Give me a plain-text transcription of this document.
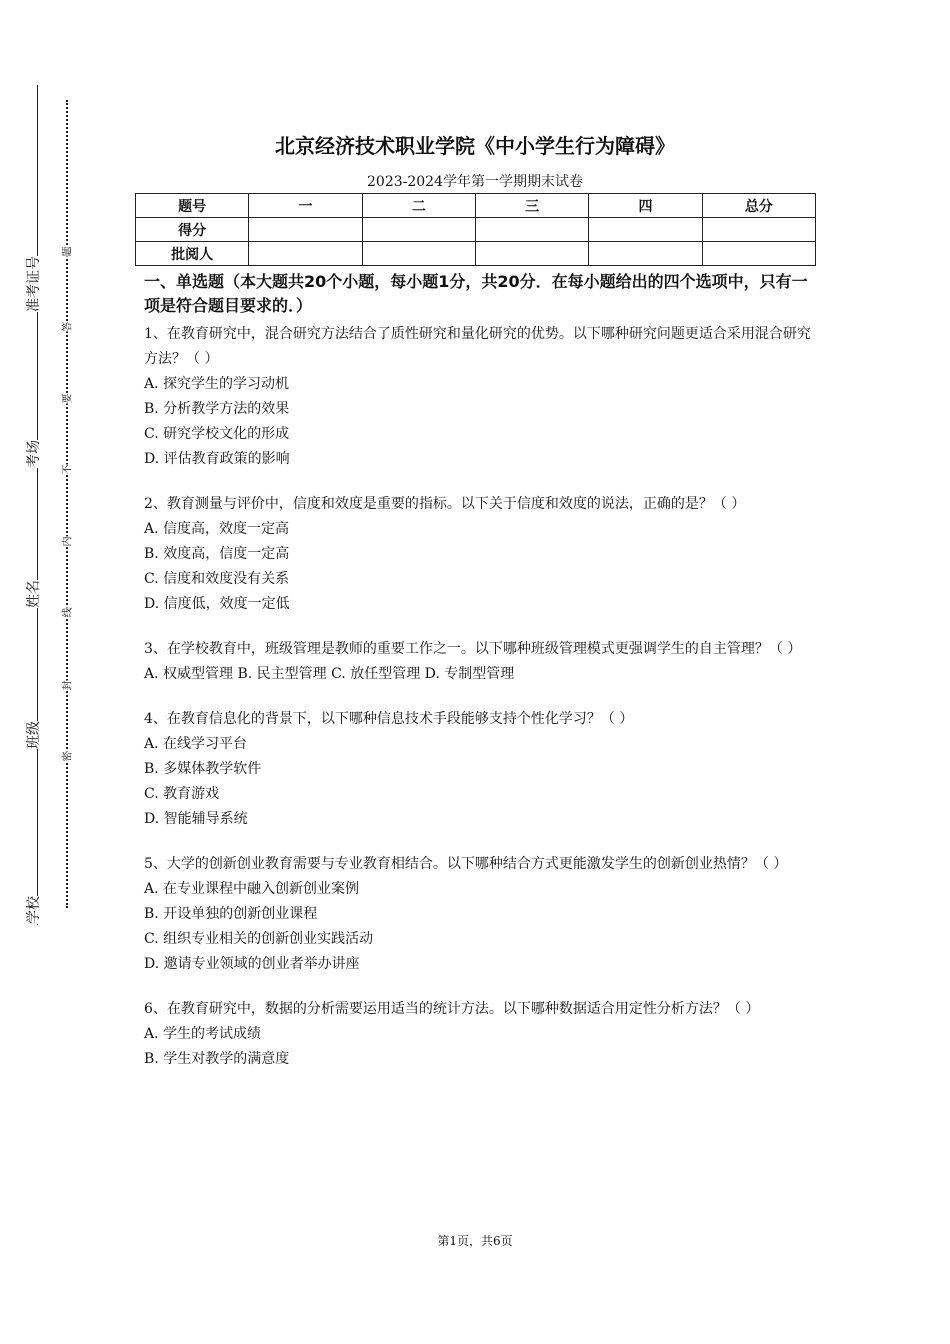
准考证号
考场
姓名
班级
学校
题
答
要
不
内
线
封
密
北京经济技术职业学院《中小学生行为障碍》
2023-2024学年第一学期期末试卷
题号	一	二	三	四	总分
得分					
批阅人					
一、单选题（本大题共20个小题，每小题1分，共20分．在每小题给出的四个选项中，只有一项是符合题目要求的．）
1、在教育研究中，混合研究方法结合了质性研究和量化研究的优势。以下哪种研究问题更适合采用混合研究方法？（ ）
A. 探究学生的学习动机
B. 分析教学方法的效果
C. 研究学校文化的形成
D. 评估教育政策的影响
2、教育测量与评价中，信度和效度是重要的指标。以下关于信度和效度的说法，正确的是？（ ）
A. 信度高，效度一定高
B. 效度高，信度一定高
C. 信度和效度没有关系
D. 信度低，效度一定低
3、在学校教育中，班级管理是教师的重要工作之一。以下哪种班级管理模式更强调学生的自主管理？（ ）
A. 权威型管理 B. 民主型管理 C. 放任型管理 D. 专制型管理
4、在教育信息化的背景下，以下哪种信息技术手段能够支持个性化学习？（ ）
A. 在线学习平台
B. 多媒体教学软件
C. 教育游戏
D. 智能辅导系统
5、大学的创新创业教育需要与专业教育相结合。以下哪种结合方式更能激发学生的创新创业热情？（ ）
A. 在专业课程中融入创新创业案例
B. 开设单独的创新创业课程
C. 组织专业相关的创新创业实践活动
D. 邀请专业领域的创业者举办讲座
6、在教育研究中，数据的分析需要运用适当的统计方法。以下哪种数据适合用定性分析方法？（ ）
A. 学生的考试成绩
B. 学生对教学的满意度
第1页，共6页
